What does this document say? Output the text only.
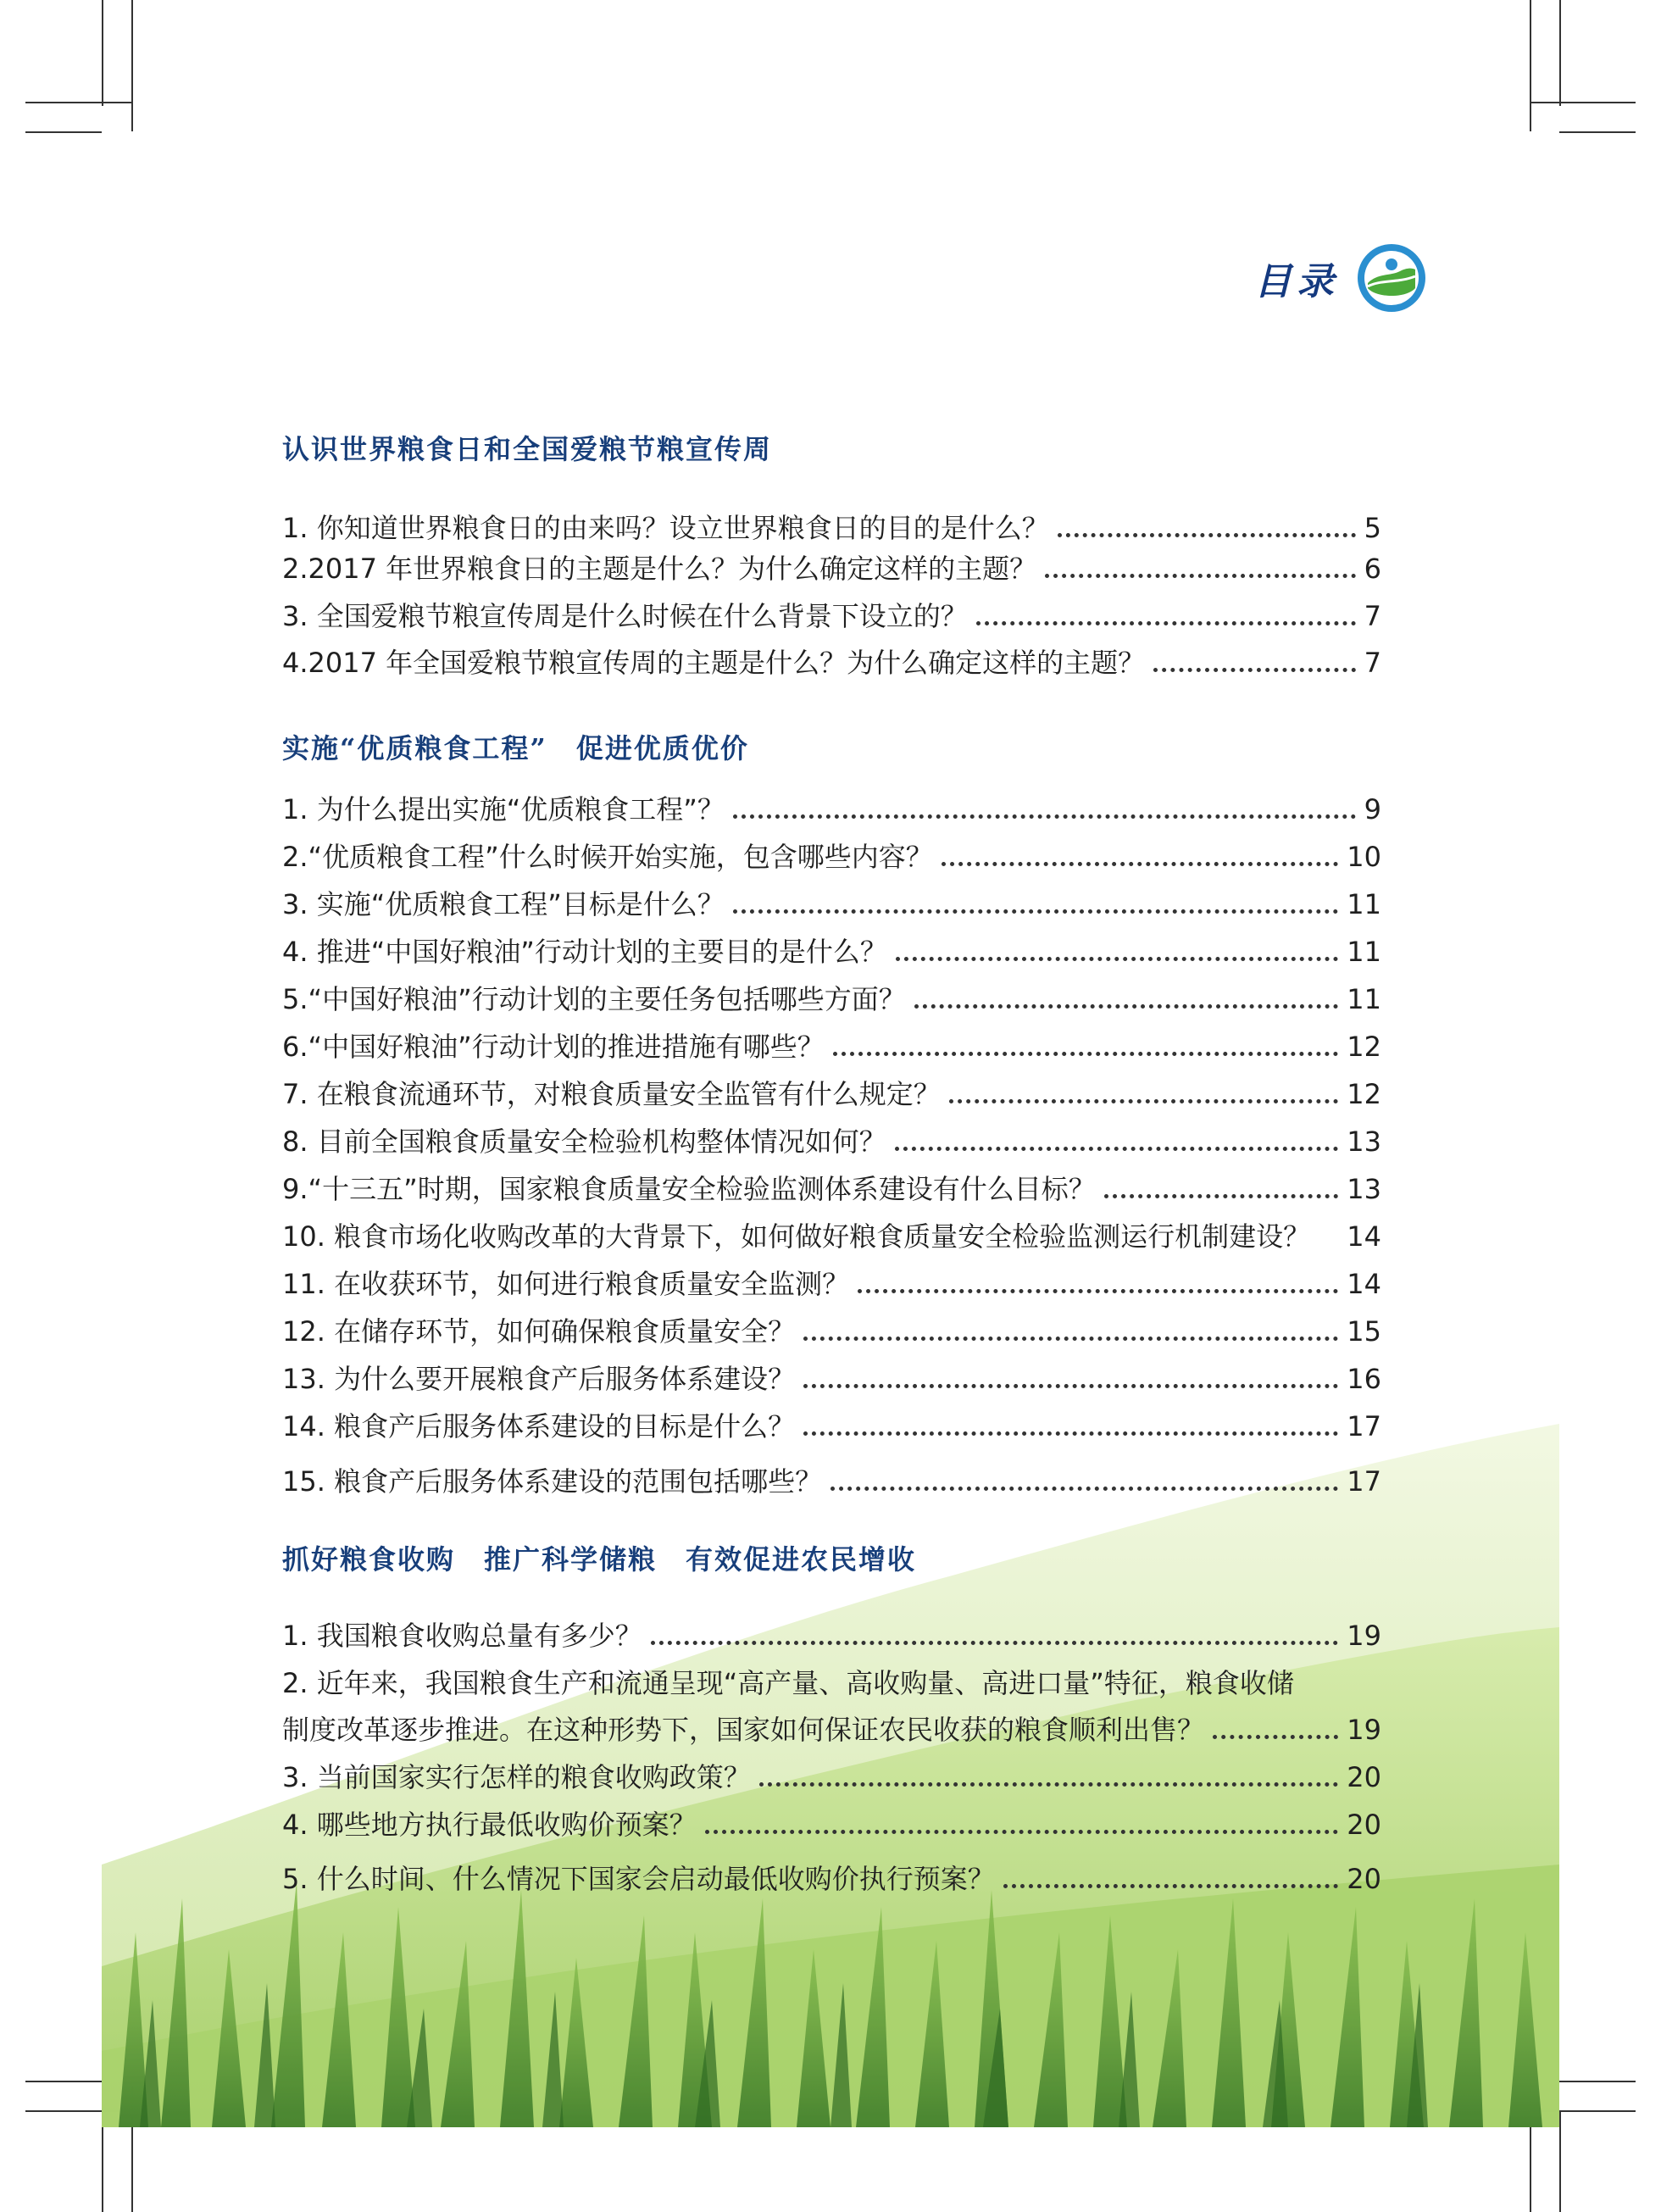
目录
认识世界粮食日和全国爱粮节粮宣传周
1. 你知道世界粮食日的由来吗？设立世界粮食日的目的是什么？	5
2.2017 年世界粮食日的主题是什么？为什么确定这样的主题？	6
3. 全国爱粮节粮宣传周是什么时候在什么背景下设立的？	7
4.2017 年全国爱粮节粮宣传周的主题是什么？为什么确定这样的主题？	7
实施“优质粮食工程”　促进优质优价
1. 为什么提出实施“优质粮食工程”？	9
2.“优质粮食工程”什么时候开始实施，包含哪些内容？	10
3. 实施“优质粮食工程”目标是什么？	11
4. 推进“中国好粮油”行动计划的主要目的是什么？	11
5.“中国好粮油”行动计划的主要任务包括哪些方面？	11
6.“中国好粮油”行动计划的推进措施有哪些？	12
7. 在粮食流通环节，对粮食质量安全监管有什么规定？	12
8. 目前全国粮食质量安全检验机构整体情况如何？	13
9.“十三五”时期，国家粮食质量安全检验监测体系建设有什么目标？	13
10. 粮食市场化收购改革的大背景下，如何做好粮食质量安全检验监测运行机制建设？	14
11. 在收获环节，如何进行粮食质量安全监测？	14
12. 在储存环节，如何确保粮食质量安全？	15
13. 为什么要开展粮食产后服务体系建设？	16
14. 粮食产后服务体系建设的目标是什么？	17
15. 粮食产后服务体系建设的范围包括哪些？	17
抓好粮食收购　推广科学储粮　有效促进农民增收
1. 我国粮食收购总量有多少？	19
2. 近年来，我国粮食生产和流通呈现“高产量、高收购量、高进口量”特征，粮食收储
制度改革逐步推进。在这种形势下，国家如何保证农民收获的粮食顺利出售？	19
3. 当前国家实行怎样的粮食收购政策？	20
4. 哪些地方执行最低收购价预案？	20
5. 什么时间、什么情况下国家会启动最低收购价执行预案？	20
